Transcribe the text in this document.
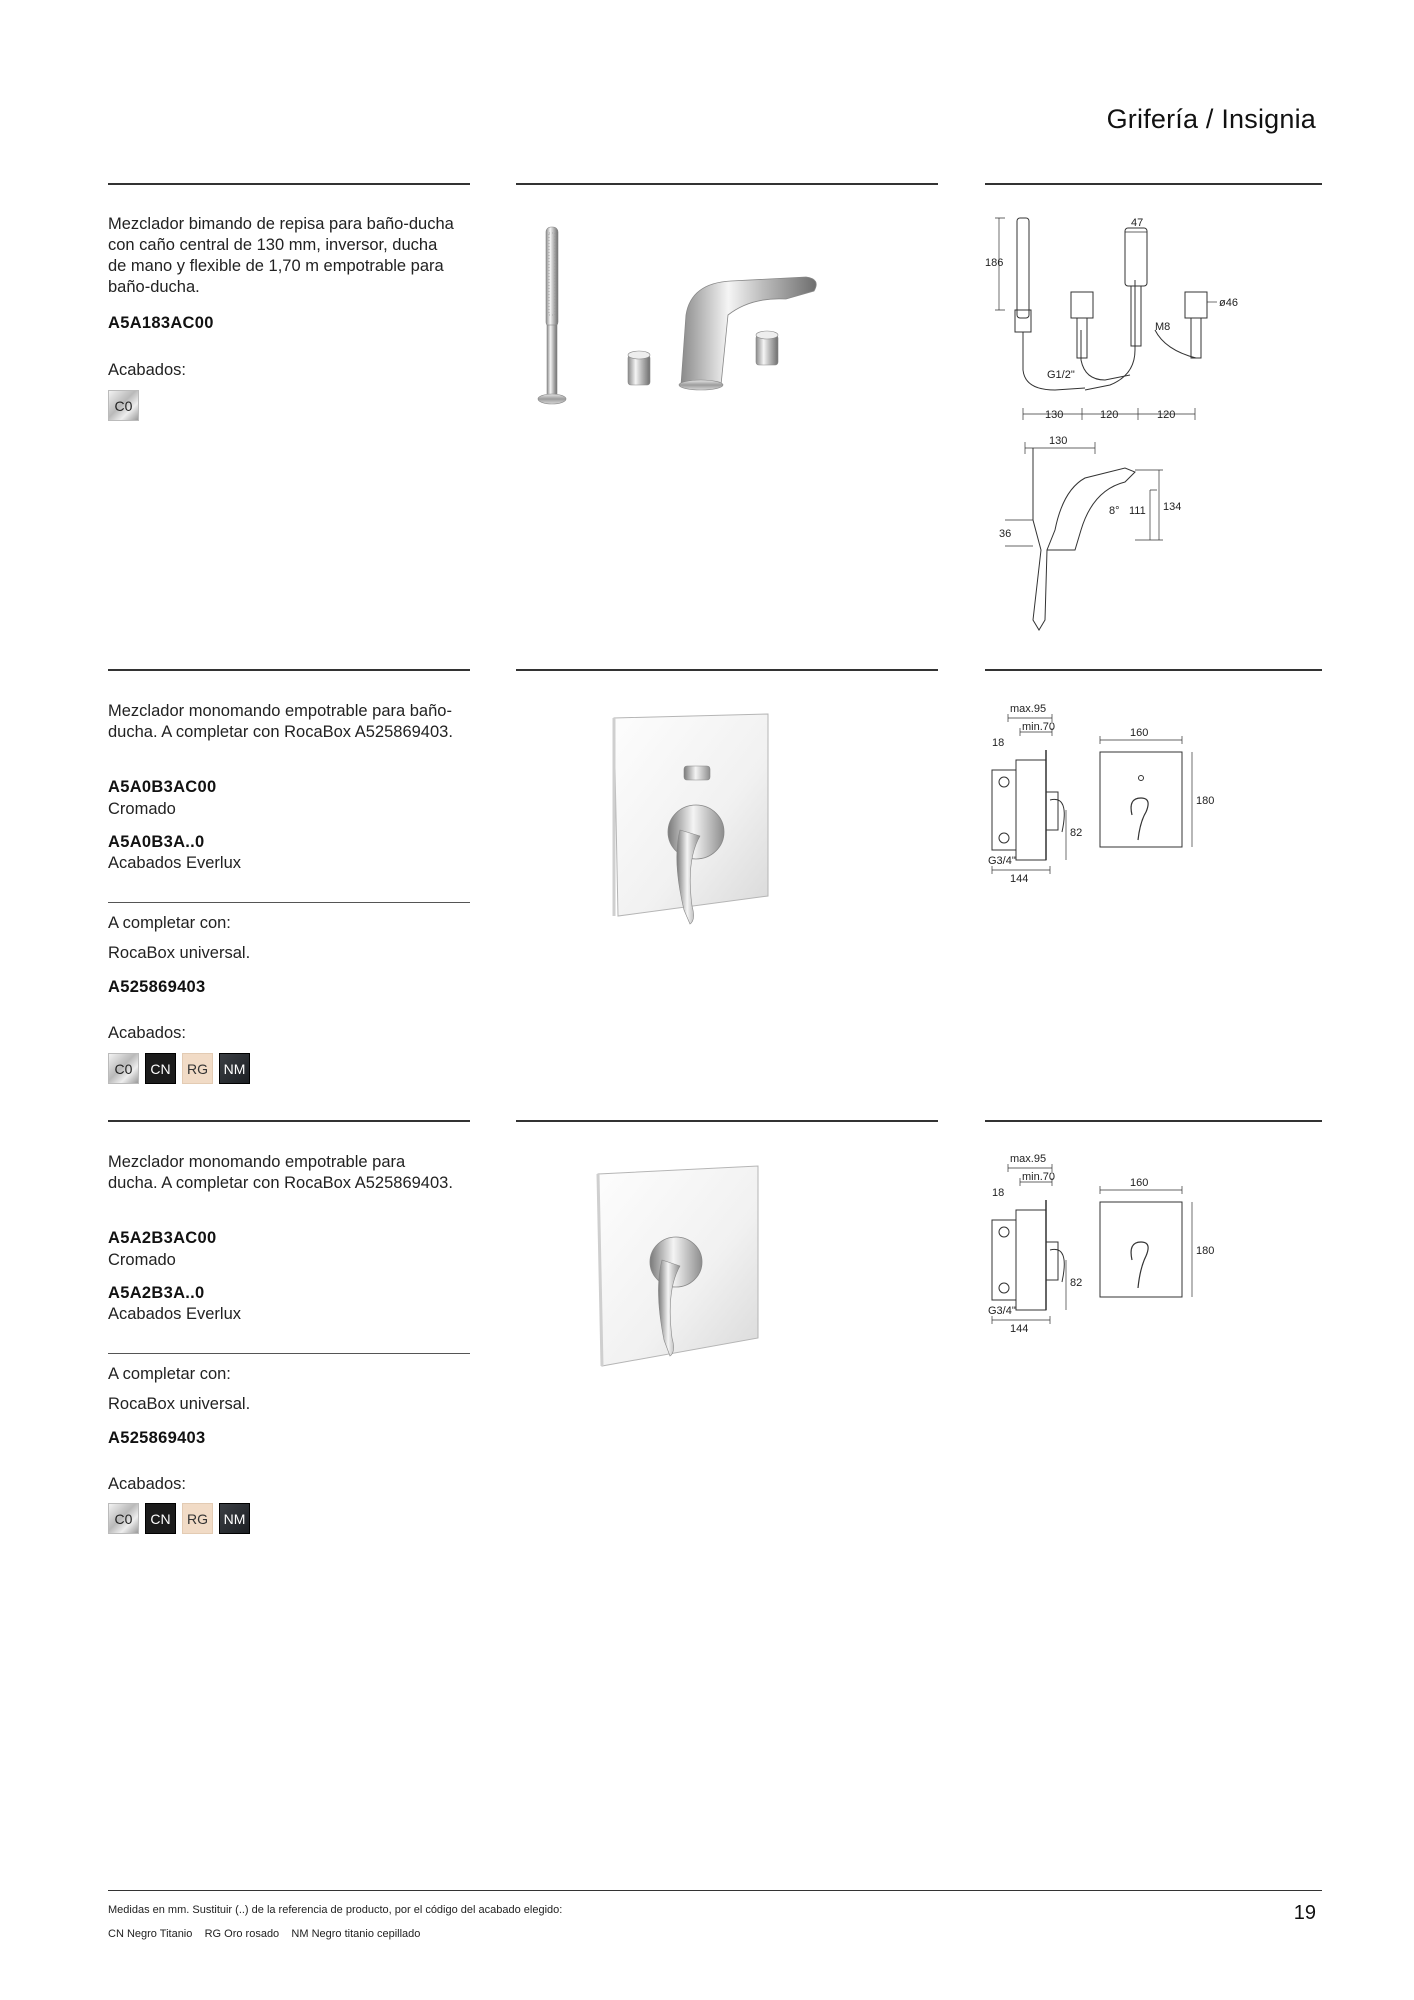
Grifería / Insignia
Mezclador bimando de repisa para baño-ducha con caño central de 130 mm, inversor, ducha de mano y flexible de 1,70 m empotrable para baño-ducha.
A5A183AC00
Acabados:
C0
186
47
ø46
M8
G1/2"
130	120	120
130
8° 111 134
36
Mezclador monomando empotrable para baño-ducha. A completar con RocaBox A525869403.
A5A0B3AC00
Cromado
A5A0B3A..0
Acabados Everlux
A completar con:
RocaBox universal.
A525869403
Acabados:
C0	CN	RG	NM
max.95
min.70
18
82
G3/4"
144
160
180
Mezclador monomando empotrable para ducha. A completar con RocaBox A525869403.
A5A2B3AC00
Cromado
A5A2B3A..0
Acabados Everlux
A completar con:
RocaBox universal.
A525869403
Acabados:
C0	CN	RG	NM
max.95
min.70
18
82
G3/4"
144
160
180
Medidas en mm. Sustituir (..) de la referencia de producto, por el código del acabado elegido:
CN Negro Titanio    RG Oro rosado    NM Negro titanio cepillado
19
